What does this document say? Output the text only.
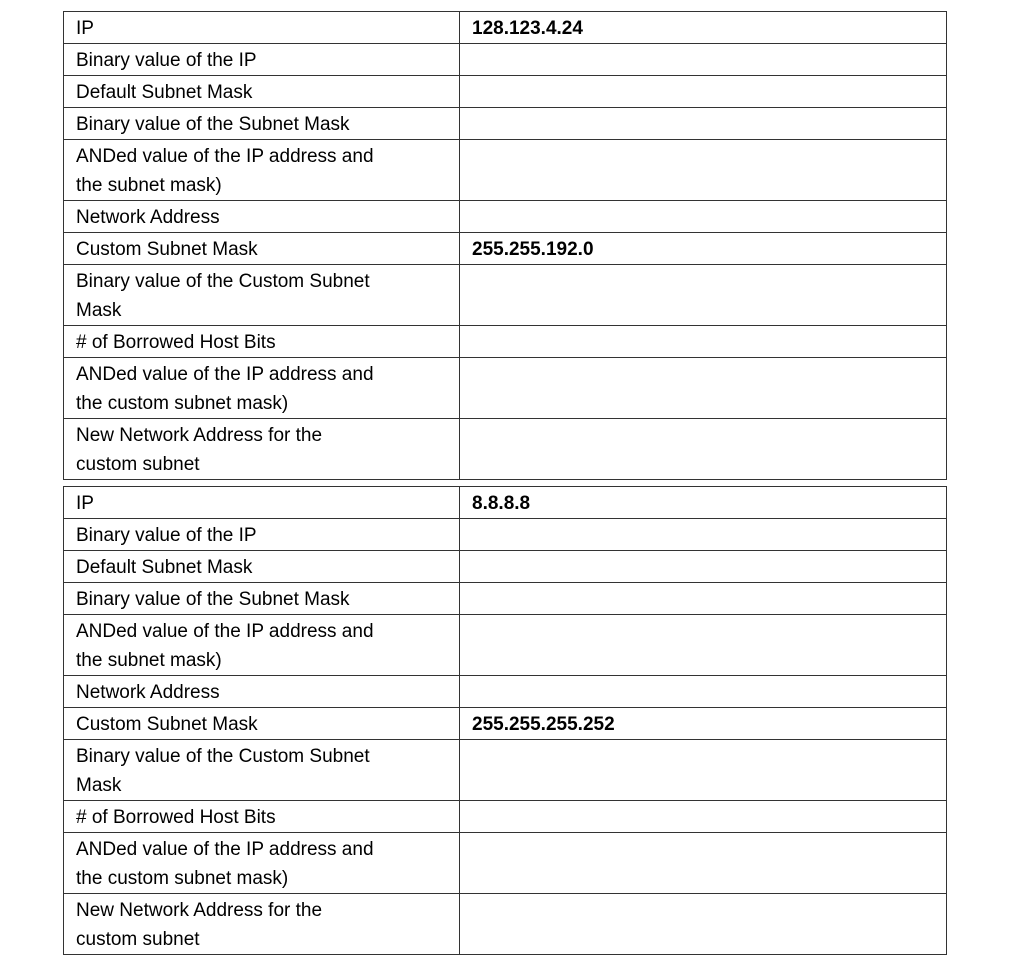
IP	128.123.4.24
Binary value of the IP	
Default Subnet Mask	
Binary value of the Subnet Mask	
ANDed value of the IP address and
the subnet mask)	
Network Address	
Custom Subnet Mask	255.255.192.0
Binary value of the Custom Subnet
Mask	
# of Borrowed Host Bits	
ANDed value of the IP address and
the custom subnet mask)	
New Network Address for the
custom subnet	
IP	8.8.8.8
Binary value of the IP	
Default Subnet Mask	
Binary value of the Subnet Mask	
ANDed value of the IP address and
the subnet mask)	
Network Address	
Custom Subnet Mask	255.255.255.252
Binary value of the Custom Subnet
Mask	
# of Borrowed Host Bits	
ANDed value of the IP address and
the custom subnet mask)	
New Network Address for the
custom subnet	
